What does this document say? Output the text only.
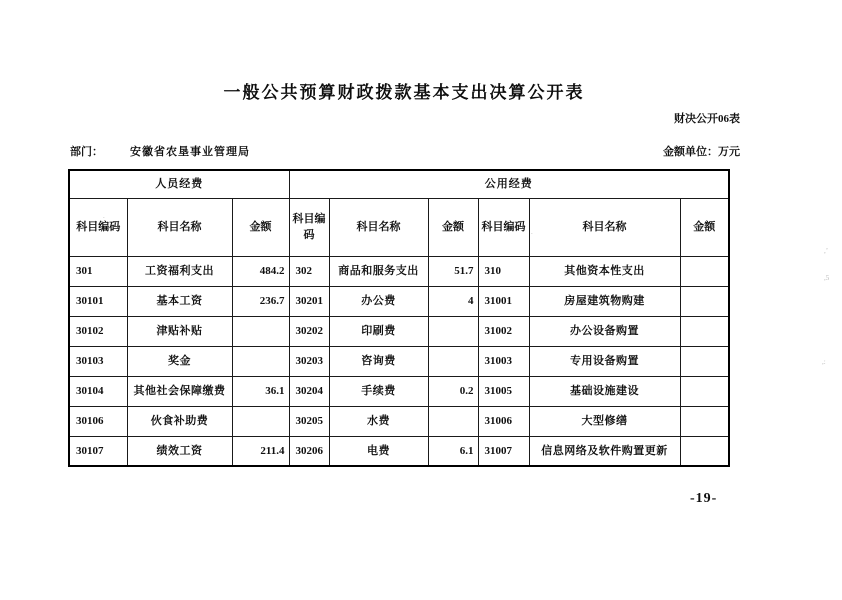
一般公共预算财政拨款基本支出决算公开表
财决公开06表
部门： 安徽省农垦事业管理局	金额单位：万元
人员经费			公用经费					
科目编码	科目名称	金额	科目编码	科目名称	金额	科目编码	科目名称	金额
301	工资福利支出	484.2	302	商品和服务支出	51.7	310	其他资本性支出	
30101	基本工资	236.7	30201	办公费	4	31001	房屋建筑物购建	
30102	津贴补贴		30202	印刷费		31002	办公设备购置	
30103	奖金		30203	咨询费		31003	专用设备购置	
30104	其他社会保障缴费	36.1	30204	手续费	0.2	31005	基础设施建设	
30106	伙食补助费		30205	水费		31006	大型修缮	
30107	绩效工资	211.4	30206	电费	6.1	31007	信息网络及软件购置更新	
-19-
.
.
,’
,5
,:
